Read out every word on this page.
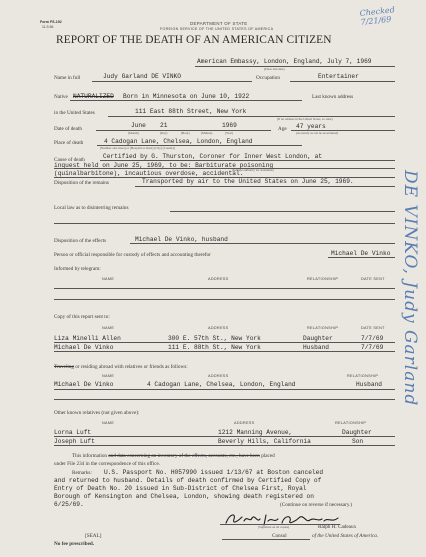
Form FS-192
11-9-56
DEPARTMENT OF STATE
FOREIGN SERVICE OF THE UNITED STATES OF AMERICA
REPORT OF THE DEATH OF AN AMERICAN CITIZEN
Checked 7/21/69
American Embassy, London, England, July 7, 1969
(Place and date)
Name in full	Judy Garland DE VINKO	Occupation	Entertainer
Native NATURALIZED Born in Minnesota on June 10, 1922	Last known address
in the United States	111 East 88th Street, New York
(If no address in the United States, so state)
Date of death	June 21	1969	Age 47 years
(Month)	(Day)	(Hour)	(Minute)	(Year)	(As nearly as can be ascertained)
Place of death	4 Cadogan Lane, Chelsea, London, England
(Number and street) or (Hospital or hotel) (City) (Country)
Cause of death	Certified by G. Thurston, Coroner for Inner West London, at
inquest held on June 25, 1969, to be: Barbiturate poisoning
(Include authority for statement)
(quinalbarbitone), incautious overdose, accidental.
Disposition of the remains	Transported by air to the United States on June 25, 1969.
Local law as to disinterring remains
Disposition of the effects	Michael De Vinko, husband
Person or official responsible for custody of effects and accounting therefor	Michael De Vinko
Informed by telegram:
NAME	ADDRESS	RELATIONSHIP	DATE SENT
Copy of this report sent to:
NAME	ADDRESS	RELATIONSHIP	DATE SENT
Liza Minelli Allen	300 E. 57th St., New York	Daughter	7/7/69
Michael De Vinko	111 E. 88th St., New York	Husband	7/7/69
Traveling or residing abroad with relatives or friends as follows:
NAME	ADDRESS	RELATIONSHIP
Michael De Vinko	4 Cadogan Lane, Chelsea, London, England	Husband
Other known relatives (not given above):
NAME	ADDRESS	RELATIONSHIP
Lorna Luft	1212 Manning Avenue,	Daughter
Joseph Luft	Beverly Hills, California	Son
This information and data concerning an inventory of the effects, accounts, etc., have been placed
under File 234 in the correspondence of this office.
Remarks: U.S. Passport No. H057990 issued 1/13/67 at Boston canceled
and returned to husband. Details of death confirmed by Certified Copy of
Entry of Death No. 20 issued in Sub-District of Chelsea First, Royal
Borough of Kensington and Chelsea, London, showing death registered on
6/25/69.	(Continue on reverse if necessary.)
(Signature on all copies)	Ralph H. Cadeaux
[SEAL]	Consul	of the United States of America.
No fee prescribed.
DE VINKO, Judy Garland
